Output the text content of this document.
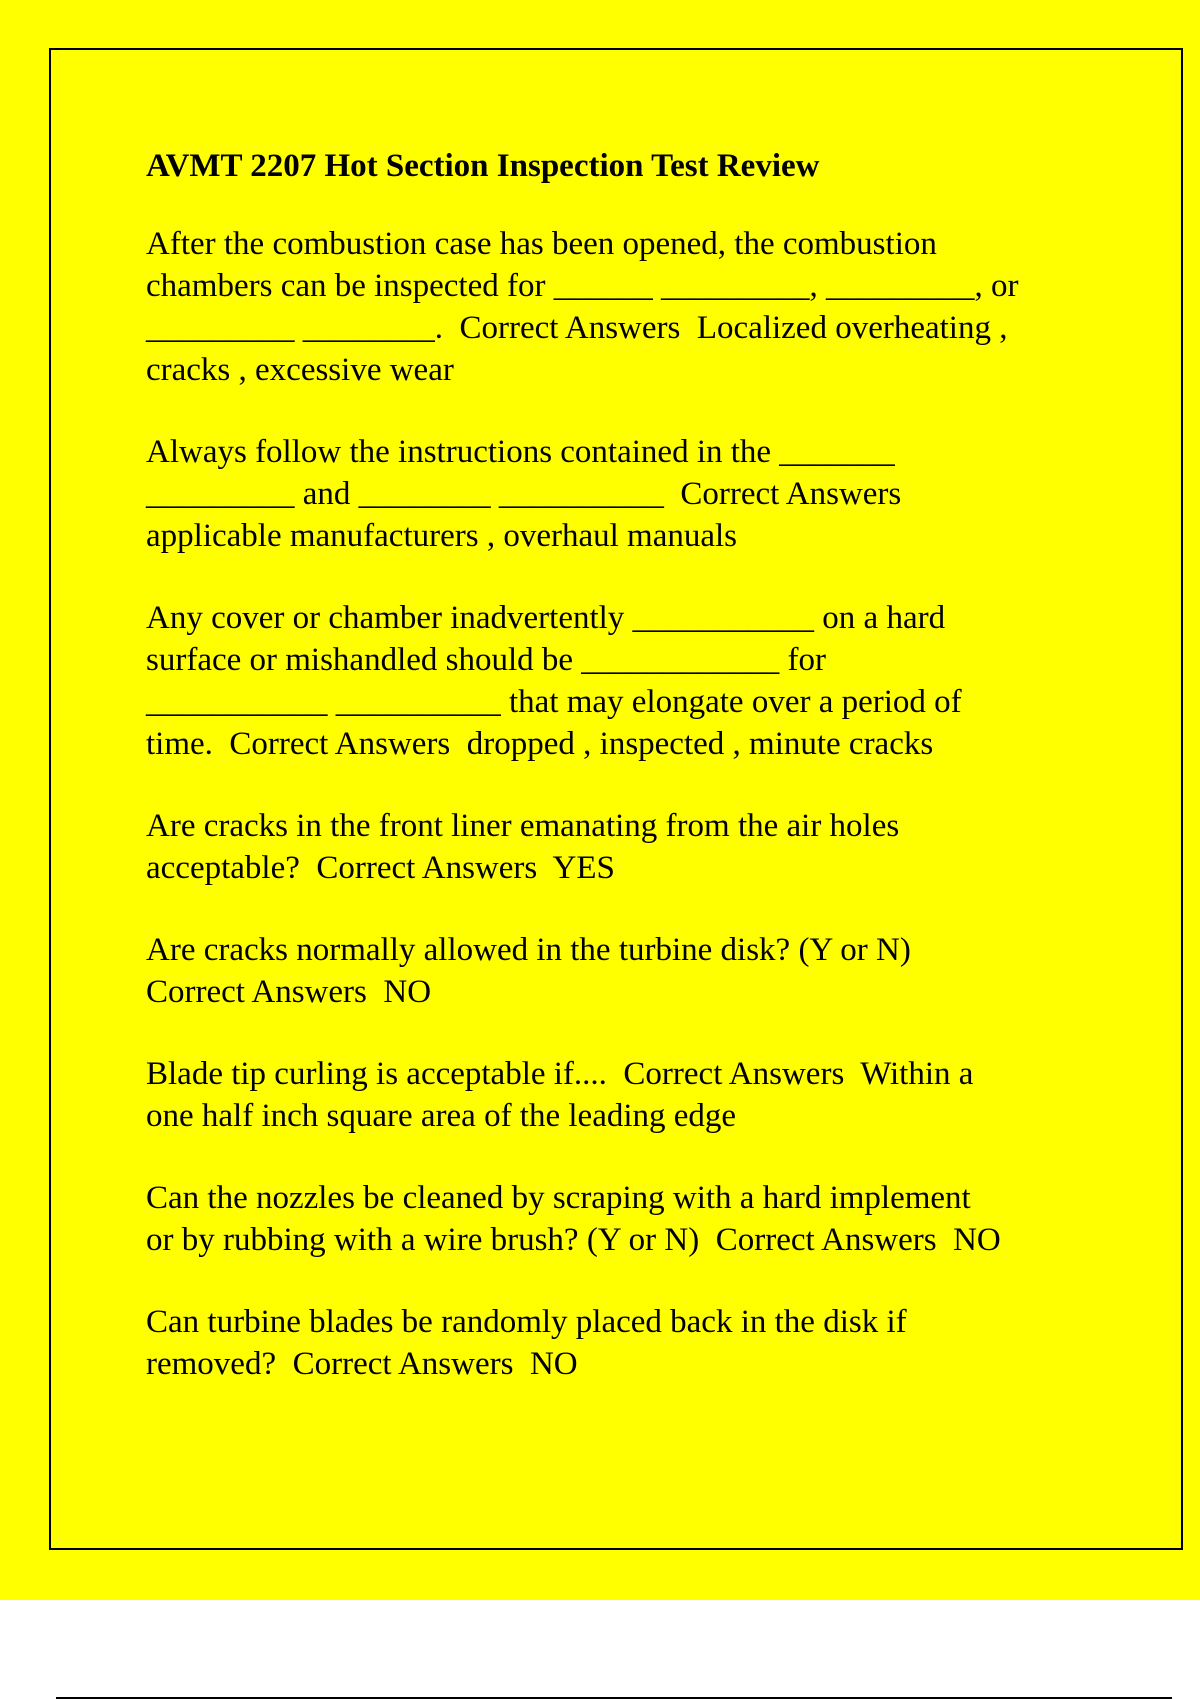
AVMT 2207 Hot Section Inspection Test Review
After the combustion case has been opened, the combustion
chambers can be inspected for ______ _________, _________, or
_________ ________.  Correct Answers  Localized overheating ,
cracks , excessive wear
Always follow the instructions contained in the _______
_________ and ________ __________  Correct Answers
applicable manufacturers , overhaul manuals
Any cover or chamber inadvertently ___________ on a hard
surface or mishandled should be ____________ for
___________ __________ that may elongate over a period of
time.  Correct Answers  dropped , inspected , minute cracks
Are cracks in the front liner emanating from the air holes
acceptable?  Correct Answers  YES
Are cracks normally allowed in the turbine disk? (Y or N)
Correct Answers  NO
Blade tip curling is acceptable if....  Correct Answers  Within a
one half inch square area of the leading edge
Can the nozzles be cleaned by scraping with a hard implement
or by rubbing with a wire brush? (Y or N)  Correct Answers  NO
Can turbine blades be randomly placed back in the disk if
removed?  Correct Answers  NO
